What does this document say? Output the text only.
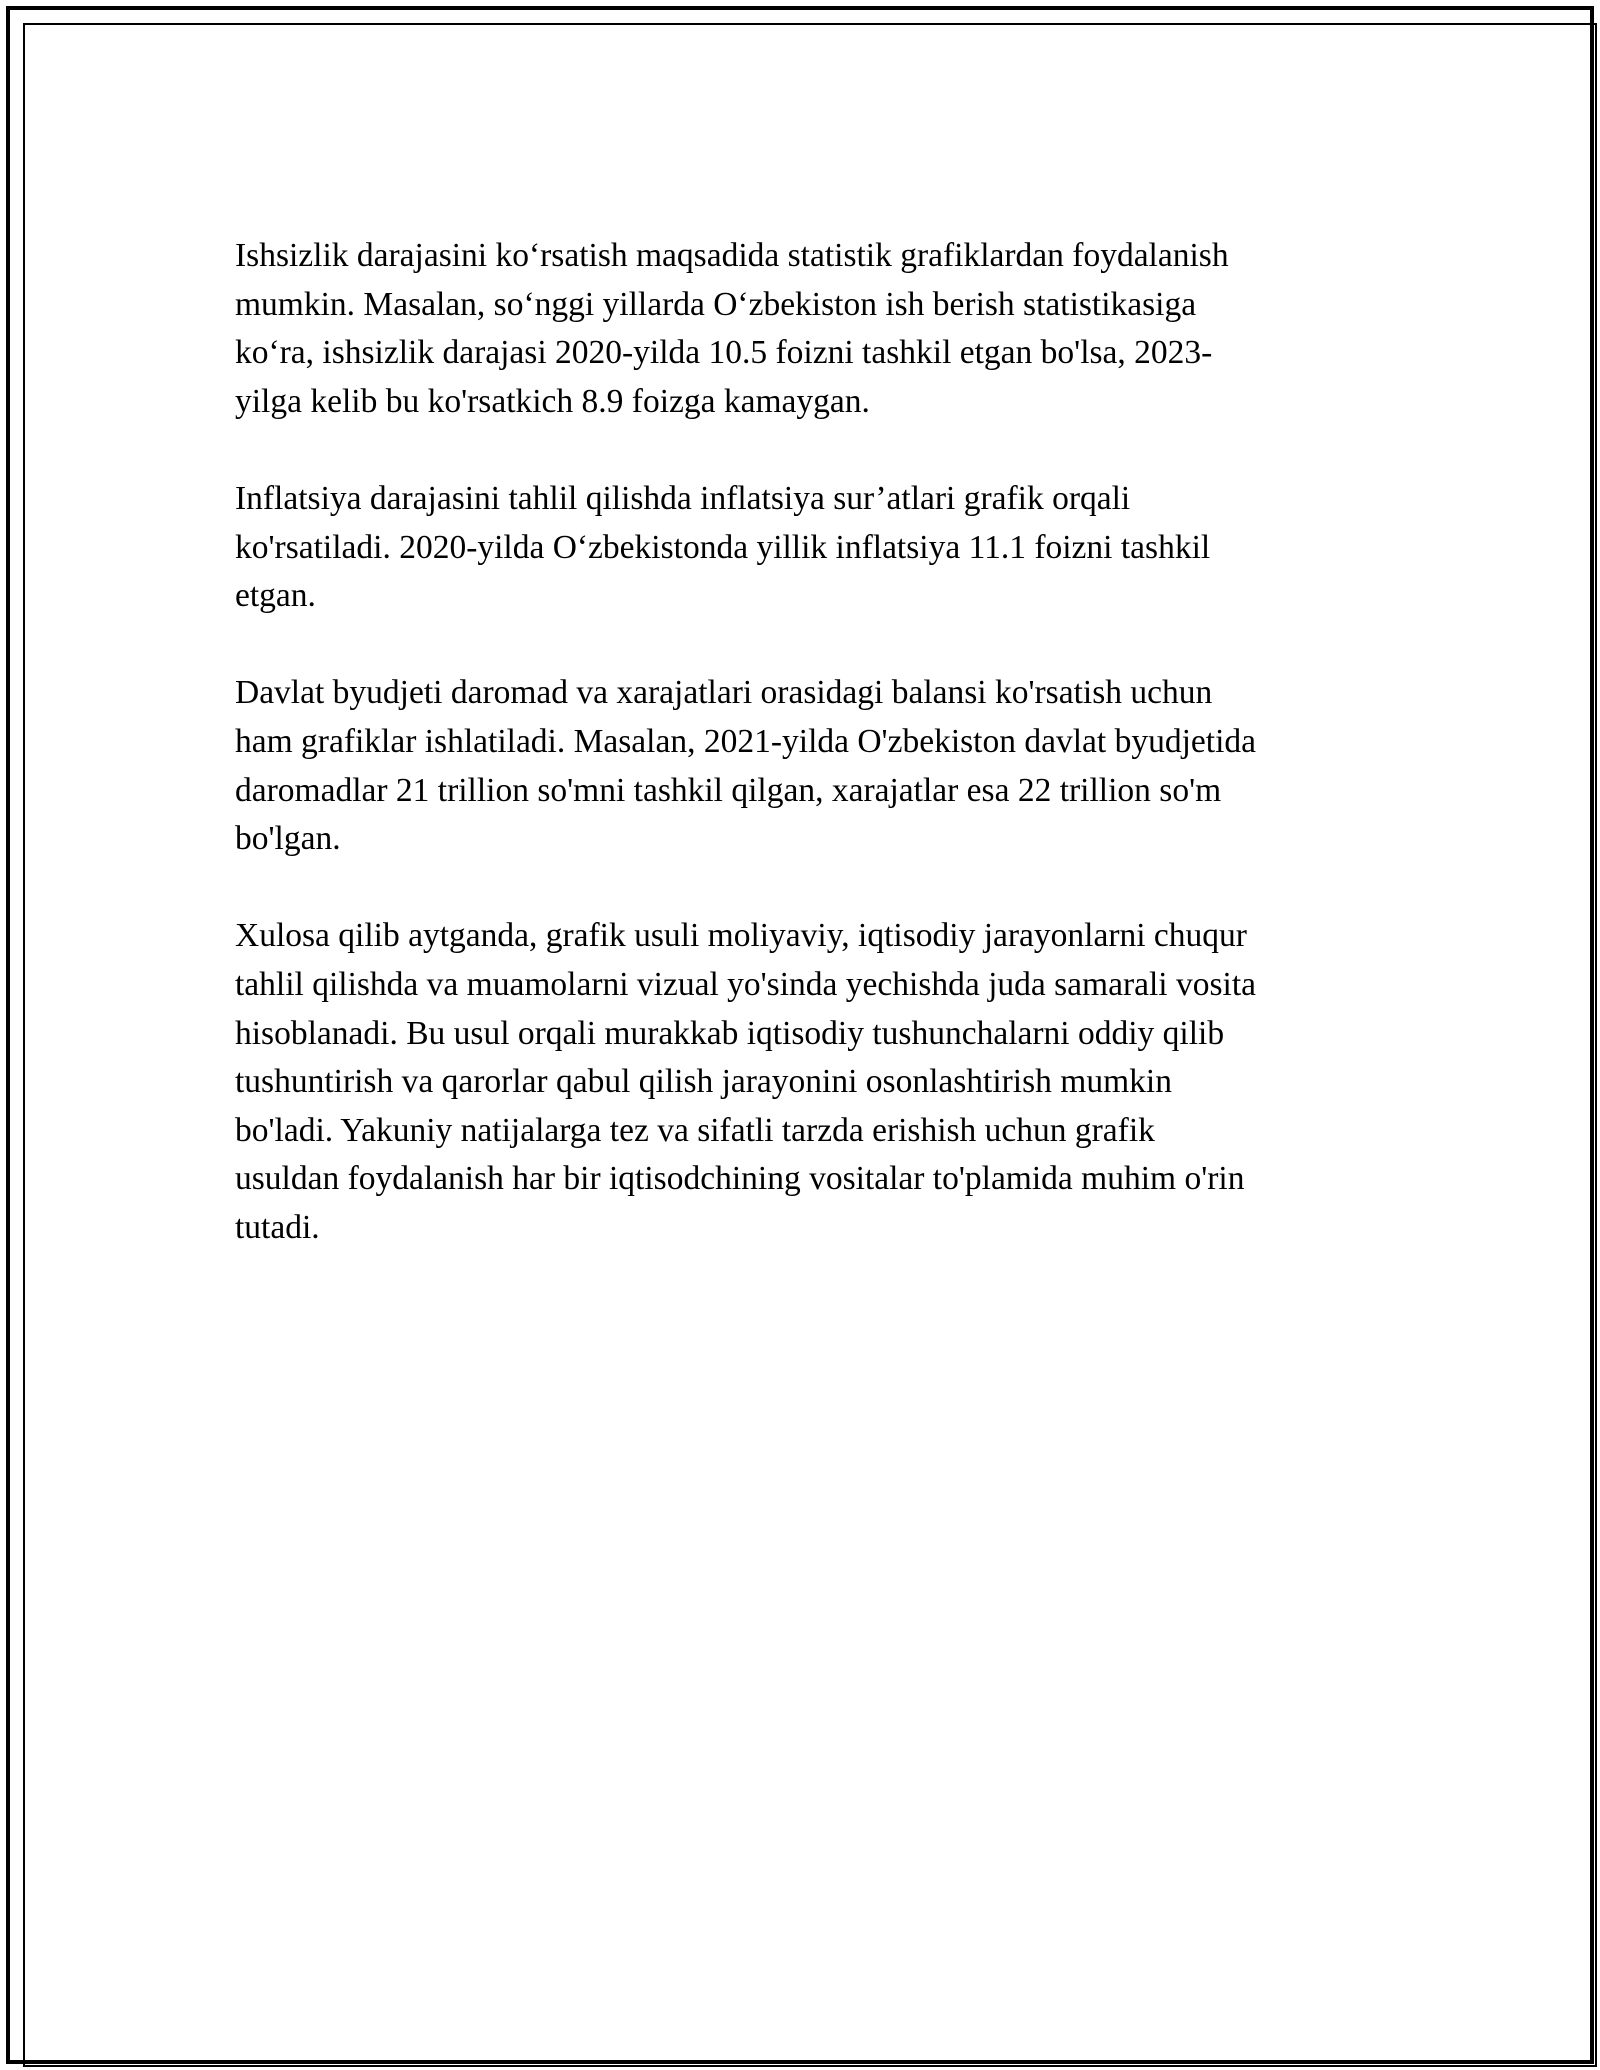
Ishsizlik darajasini ko‘rsatish maqsadida statistik grafiklardan foydalanish
mumkin. Masalan, so‘nggi yillarda O‘zbekiston ish berish statistikasiga
ko‘ra, ishsizlik darajasi 2020-yilda 10.5 foizni tashkil etgan bo'lsa, 2023-
yilga kelib bu ko'rsatkich 8.9 foizga kamaygan.
Inflatsiya darajasini tahlil qilishda inflatsiya sur’atlari grafik orqali
ko'rsatiladi. 2020-yilda O‘zbekistonda yillik inflatsiya 11.1 foizni tashkil
etgan.
Davlat byudjeti daromad va xarajatlari orasidagi balansi ko'rsatish uchun
ham grafiklar ishlatiladi. Masalan, 2021-yilda O'zbekiston davlat byudjetida
daromadlar 21 trillion so'mni tashkil qilgan, xarajatlar esa 22 trillion so'm
bo'lgan.
Xulosa qilib aytganda, grafik usuli moliyaviy, iqtisodiy jarayonlarni chuqur
tahlil qilishda va muamolarni vizual yo'sinda yechishda juda samarali vosita
hisoblanadi. Bu usul orqali murakkab iqtisodiy tushunchalarni oddiy qilib
tushuntirish va qarorlar qabul qilish jarayonini osonlashtirish mumkin
bo'ladi. Yakuniy natijalarga tez va sifatli tarzda erishish uchun grafik
usuldan foydalanish har bir iqtisodchining vositalar to'plamida muhim o'rin
tutadi.
